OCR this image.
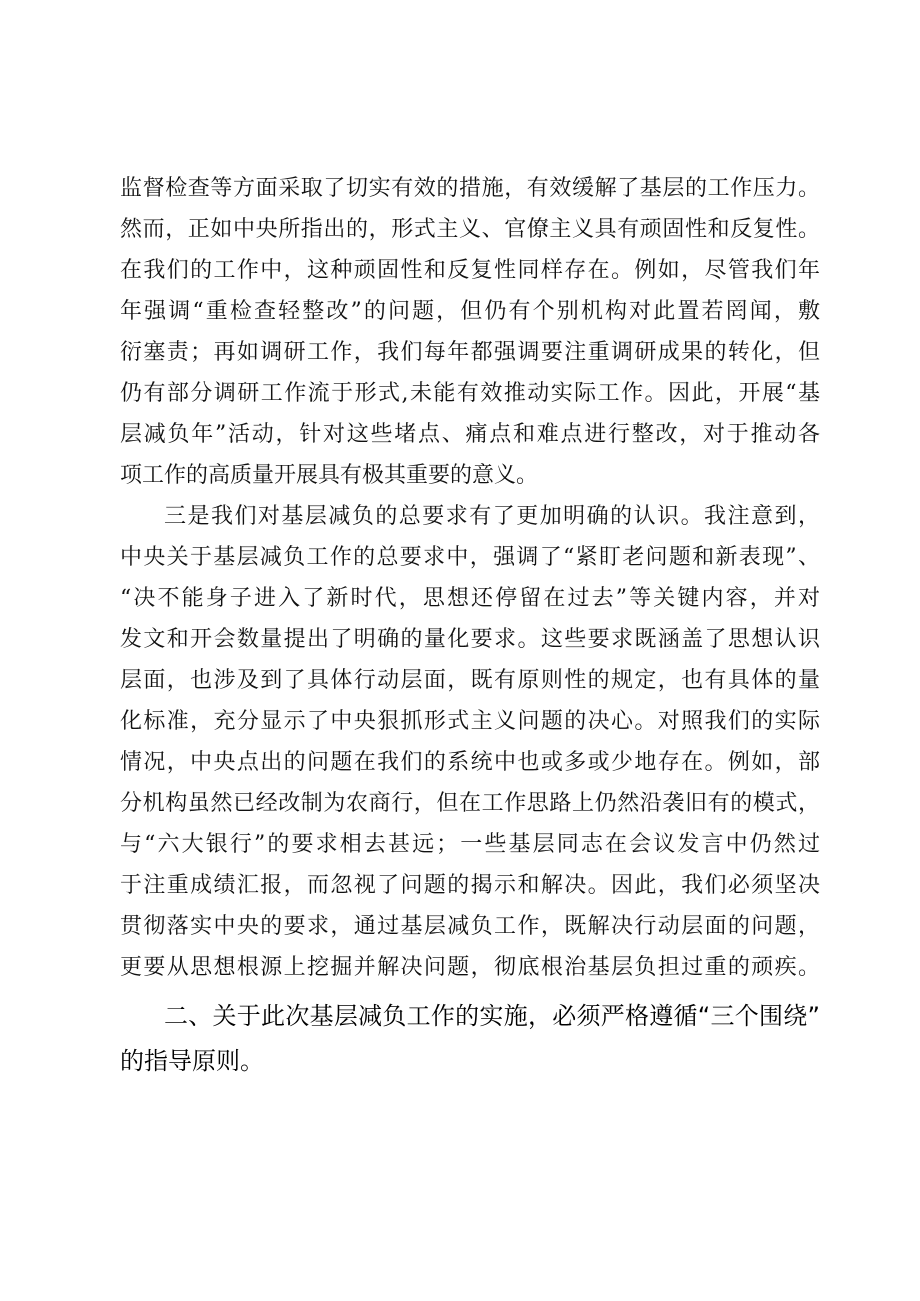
监督检查等方面采取了切实有效的措施，有效缓解了基层的工作压力。
然而，正如中央所指出的，形式主义、官僚主义具有顽固性和反复性。
在我们的工作中，这种顽固性和反复性同样存在。例如，尽管我们年
年强调“重检查轻整改”的问题，但仍有个别机构对此置若罔闻，敷
衍塞责；再如调研工作，我们每年都强调要注重调研成果的转化，但
仍有部分调研工作流于形式,未能有效推动实际工作。因此，开展“基
层减负年”活动，针对这些堵点、痛点和难点进行整改，对于推动各
项工作的高质量开展具有极其重要的意义。
三是我们对基层减负的总要求有了更加明确的认识。我注意到，
中央关于基层减负工作的总要求中，强调了“紧盯老问题和新表现”、
“决不能身子进入了新时代，思想还停留在过去”等关键内容，并对
发文和开会数量提出了明确的量化要求。这些要求既涵盖了思想认识
层面，也涉及到了具体行动层面，既有原则性的规定，也有具体的量
化标准，充分显示了中央狠抓形式主义问题的决心。对照我们的实际
情况，中央点出的问题在我们的系统中也或多或少地存在。例如，部
分机构虽然已经改制为农商行，但在工作思路上仍然沿袭旧有的模式，
与“六大银行”的要求相去甚远；一些基层同志在会议发言中仍然过
于注重成绩汇报，而忽视了问题的揭示和解决。因此，我们必须坚决
贯彻落实中央的要求，通过基层减负工作，既解决行动层面的问题，
更要从思想根源上挖掘并解决问题，彻底根治基层负担过重的顽疾。
二、关于此次基层减负工作的实施，必须严格遵循“三个围绕”
的指导原则。
